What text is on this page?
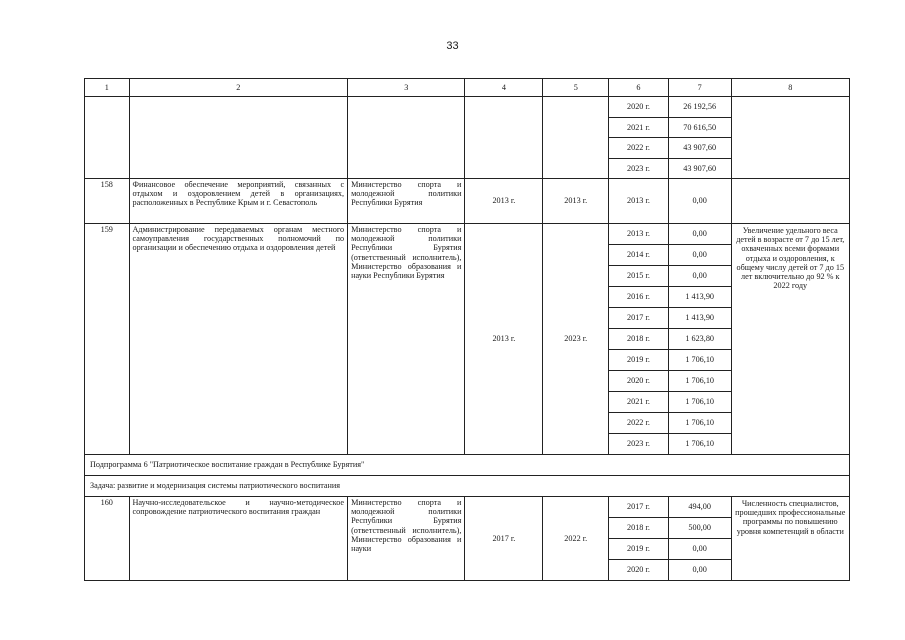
33
1	2	3	4	5	6	7	8
					2020 г.	26 192,56	
					2021 г.	70 616,50	
					2022 г.	43 907,60	
					2023 г.	43 907,60	
158	Финансовое обеспечение мероприятий, связанных с отдыхом и оздоровлением детей в организациях, расположенных в Республике Крым и г. Севастополь	Министерство спорта и молодежной политики Республики Бурятия	2013 г.	2013 г.	2013 г.	0,00	
159	Администрирование передаваемых органам местного самоуправления государственных полномочий по организации и обеспечению отдыха и оздоровления детей	Министерство спорта и молодежной политики Республики Бурятия (ответственный исполнитель), Министерство образования и науки Республики Бурятия	2013 г.	2023 г.	2013 г.	0,00	Увеличение удельного веса детей в возрасте от 7 до 15 лет, охваченных всеми формами отдыха и оздоровления, к общему числу детей от 7 до 15 лет включительно до 92 % к 2022 году
					2014 г.	0,00	
					2015 г.	0,00	
					2016 г.	1 413,90	
					2017 г.	1 413,90	
					2018 г.	1 623,80	
					2019 г.	1 706,10	
					2020 г.	1 706,10	
					2021 г.	1 706,10	
					2022 г.	1 706,10	
					2023 г.	1 706,10	
Подпрограмма 6 "Патриотическое воспитание граждан в Республике Бурятия"							
Задача: развитие и модернизация системы патриотического воспитания							
160	Научно-исследовательское и научно-методическое сопровождение патриотического воспитания граждан	Министерство спорта и молодежной политики Республики Бурятия (ответственный исполнитель), Министерство образования и науки	2017 г.	2022 г.	2017 г.	494,00	Численность специалистов, прошедших профессиональные программы по повышению уровня компетенций в области
					2018 г.	500,00	
					2019 г.	0,00	
					2020 г.	0,00	
